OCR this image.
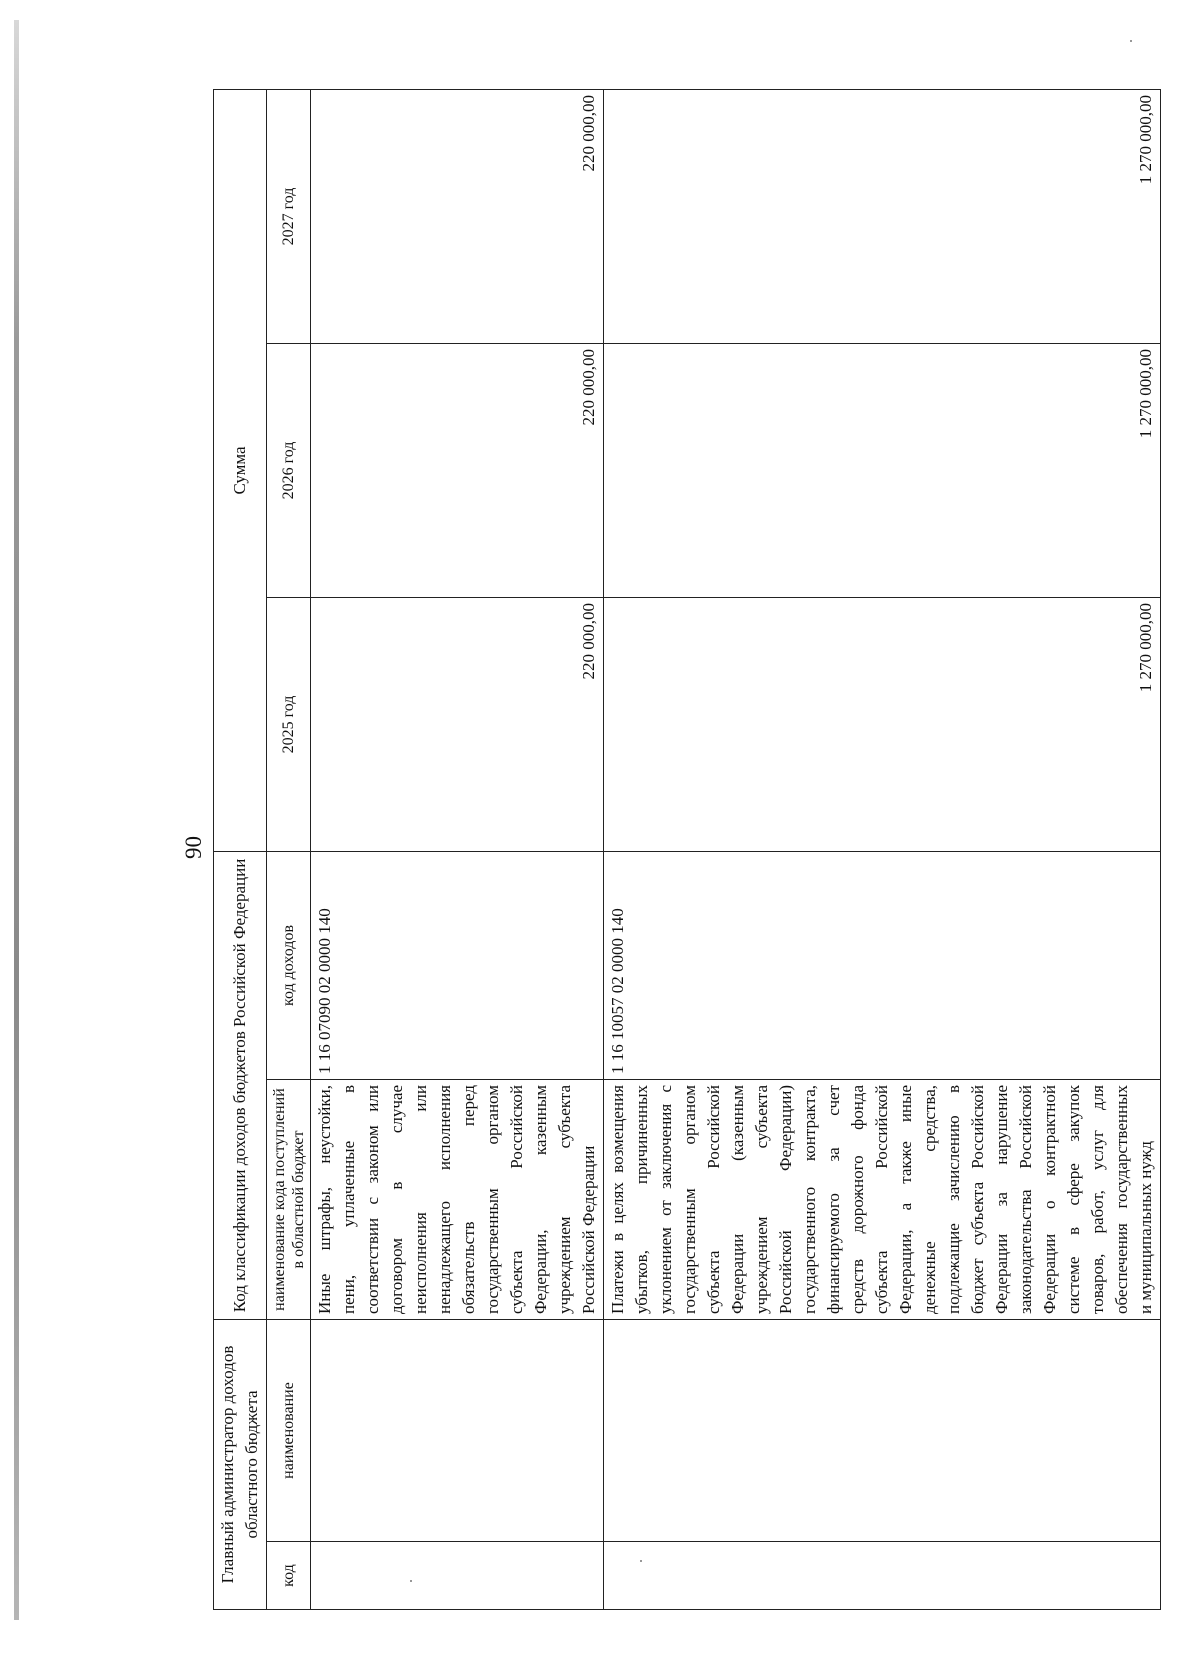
90
Главный администратор доходов областного бюджета		Код классификации доходов бюджетов Российской Федерации		Сумма		
код	наименование	наименование кода поступлений в областной бюджет	код доходов	2025 год	2026 год	2027 год
		Иные штрафы, неустойки, пени, уплаченные в соответствии с законом или договором в случае неисполнения или ненадлежащего исполнения обязательств перед государственным органом субъекта Российской Федерации, казенным учреждением субъекта Российской Федерации	1 16 07090 02 0000 140	220 000,00	220 000,00	220 000,00
		Платежи в целях возмещения убытков, причиненных уклонением от заключения с государственным органом субъекта Российской Федерации (казенным учреждением субъекта Российской Федерации) государственного контракта, финансируемого за счет средств дорожного фонда субъекта Российской Федерации, а также иные денежные средства, подлежащие зачислению в бюджет субъекта Российской Федерации за нарушение законодательства Российской Федерации о контрактной системе в сфере закупок товаров, работ, услуг для обеспечения государственных и муниципальных нужд	1 16 10057 02 0000 140	1 270 000,00	1 270 000,00	1 270 000,00
